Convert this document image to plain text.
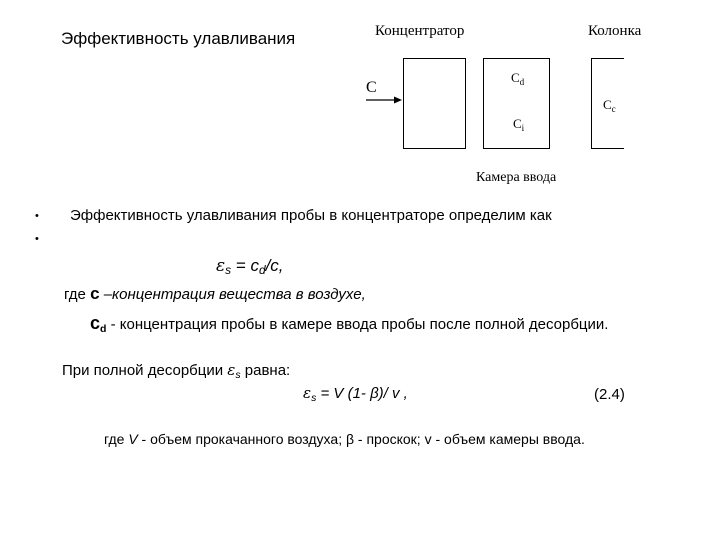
Эффективность улавливания	Концентратор	Колонка
C
$C_d$
$C_i$
$C_c$
Камера ввода
• Эффективность улавливания пробы в концентраторе определим как
•
$\varepsilon_s = c_d/c$,
где с –концентрация вещества в воздухе,
$c_d$ - концентрация пробы в камере ввода пробы после полной десорбции.
При полной десорбции $\varepsilon_s$ равна:
$\varepsilon_s = V$ (1- β)/ v ,	(2.4)
где V - объем прокачанного воздуха; β - проскок; v - объем камеры ввода.
